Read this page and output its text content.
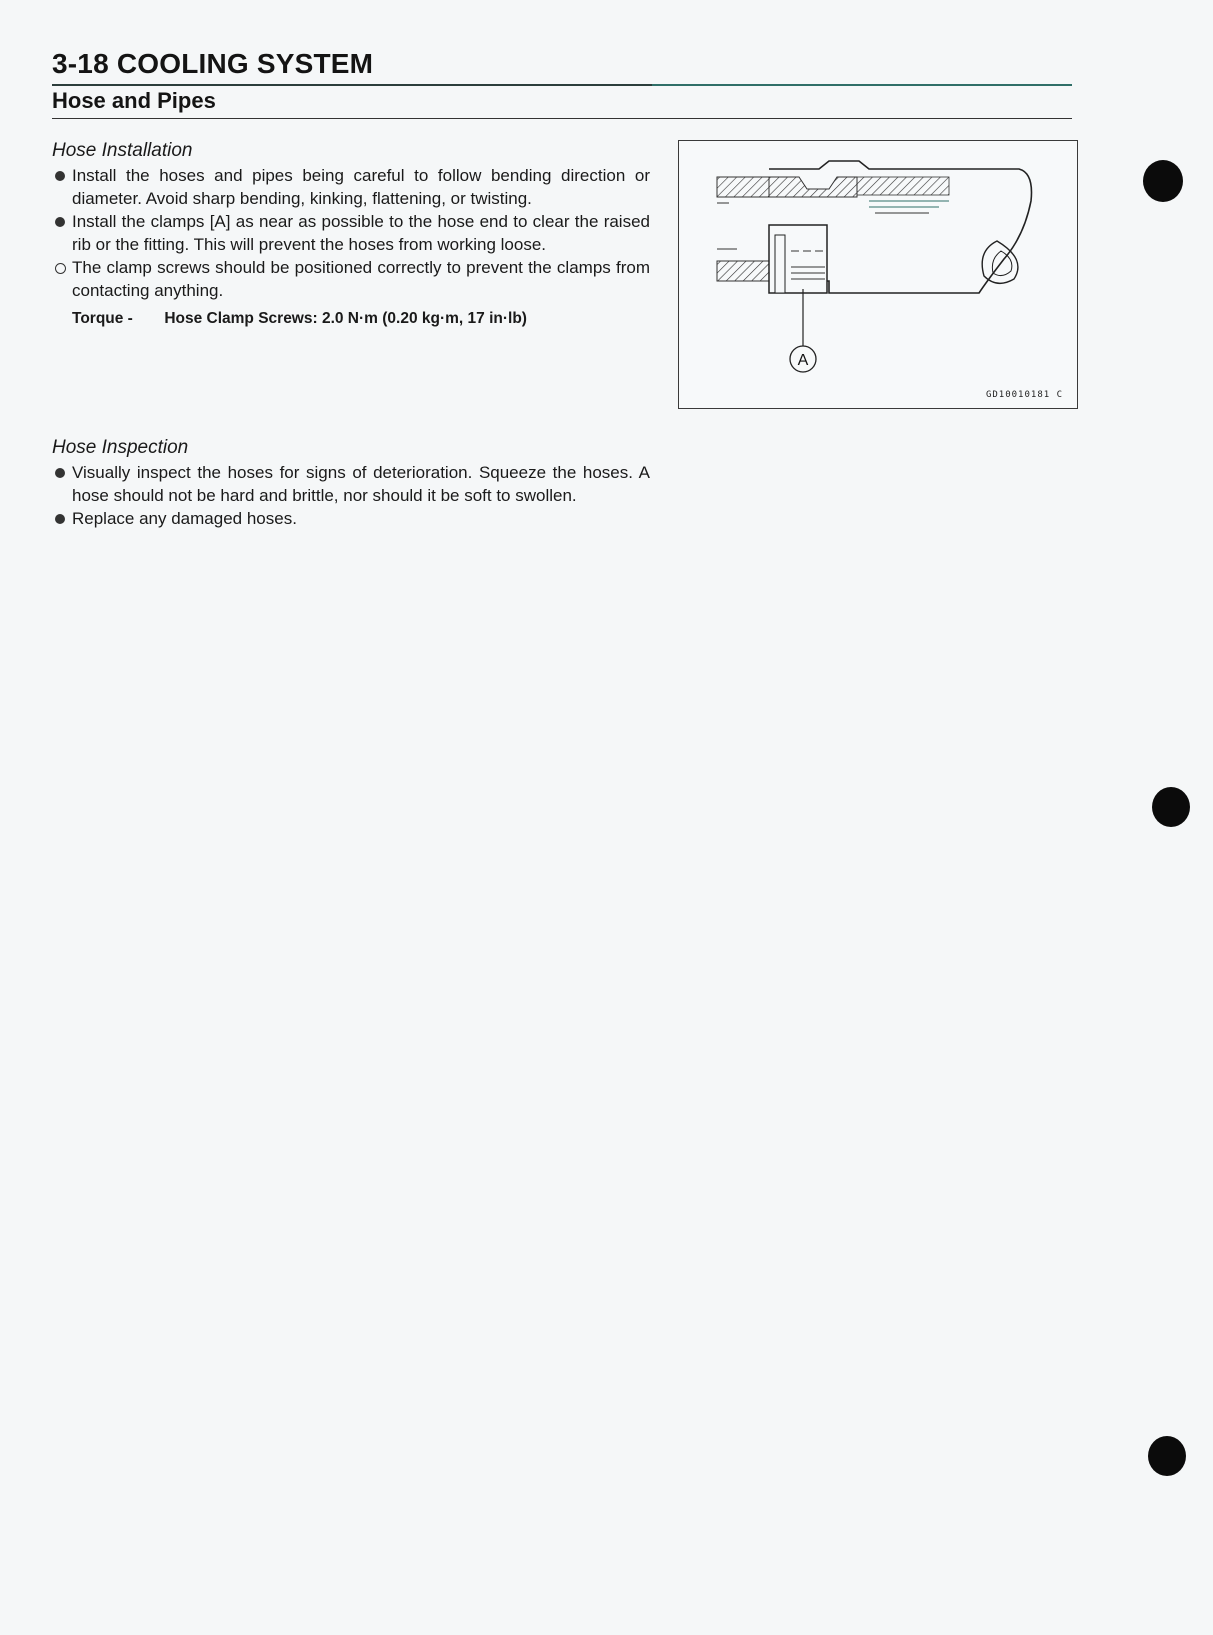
3-18 COOLING SYSTEM
Hose and Pipes
Hose Installation
Install the hoses and pipes being careful to follow bending direction or diameter. Avoid sharp bending, kinking, flattening, or twisting.
Install the clamps [A] as near as possible to the hose end to clear the raised rib or the fitting. This will prevent the hoses from working loose.
The clamp screws should be positioned correctly to prevent the clamps from contacting anything.
Torque - Hose Clamp Screws: 2.0 N·m (0.20 kg·m, 17 in·lb)
Hose Inspection
Visually inspect the hoses for signs of deterioration. Squeeze the hoses. A hose should not be hard and brittle, nor should it be soft to swollen.
Replace any damaged hoses.
A
GD10010181 C
